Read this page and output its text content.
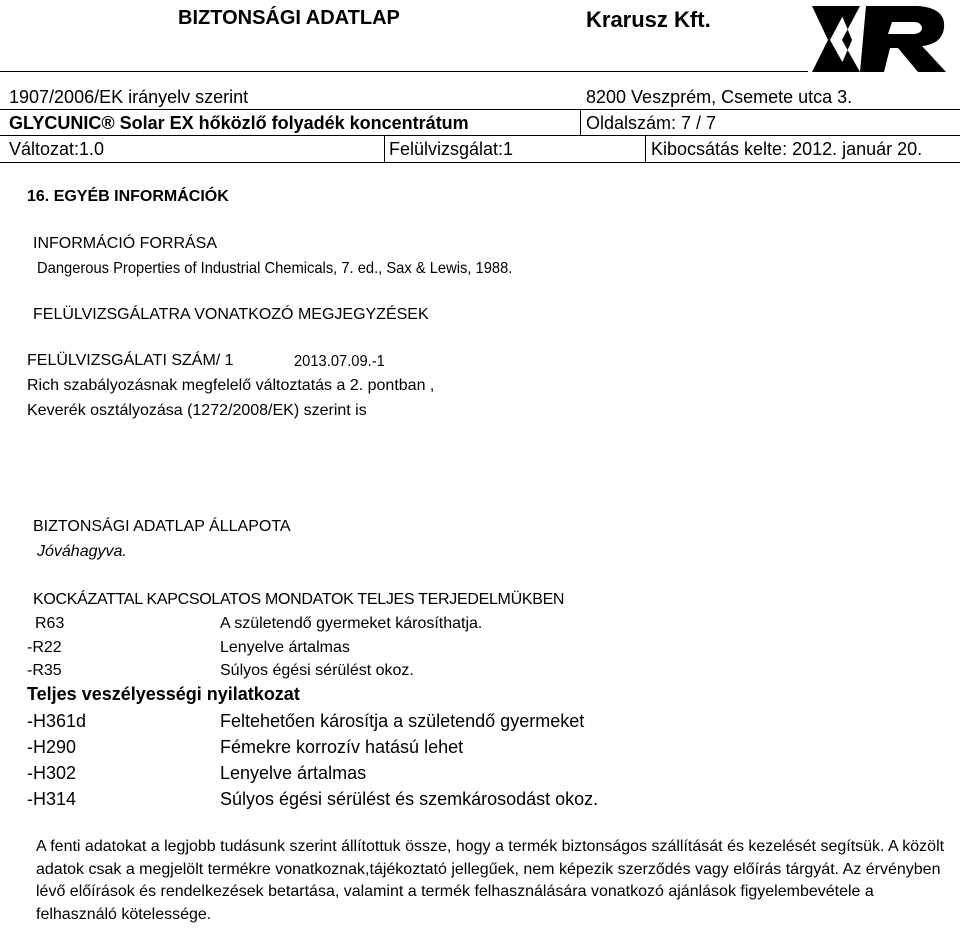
BIZTONSÁGI ADATLAP	Krarusz Kft.
1907/2006/EK irányelv szerint	8200 Veszprém, Csemete utca 3.
GLYCUNIC® Solar EX hőközlő folyadék koncentrátum	Oldalszám: 7 / 7
Változat:1.0	Felülvizsgálat:1	Kibocsátás kelte: 2012. január 20.
16. EGYÉB INFORMÁCIÓK
INFORMÁCIÓ FORRÁSA
Dangerous Properties of Industrial Chemicals, 7. ed., Sax & Lewis, 1988.
FELÜLVIZSGÁLATRA VONATKOZÓ MEGJEGYZÉSEK
FELÜLVIZSGÁLATI SZÁM/ 1	2013.07.09.-1
Rich szabályozásnak megfelelő változtatás a 2. pontban ,
Keverék osztályozása (1272/2008/EK) szerint is
BIZTONSÁGI ADATLAP ÁLLAPOTA
Jóváhagyva.
KOCKÁZATTAL KAPCSOLATOS MONDATOK TELJES TERJEDELMÜKBEN
R63	A születendő gyermeket károsíthatja.
-R22	Lenyelve ártalmas
-R35	Súlyos égési sérülést okoz.
Teljes veszélyességi nyilatkozat
-H361d	Feltehetően károsítja a születendő gyermeket
-H290	Fémekre korrozív hatású lehet
-H302	Lenyelve ártalmas
-H314	Súlyos égési sérülést és szemkárosodást okoz.
A fenti adatokat a legjobb tudásunk szerint állítottuk össze, hogy a termék biztonságos szállítását és kezelését segítsük. A közölt adatok csak a megjelölt termékre vonatkoznak,tájékoztató jellegűek, nem képezik szerződés vagy előírás tárgyát. Az érvényben lévő előírások és rendelkezések betartása, valamint a termék felhasználására vonatkozó ajánlások figyelembevétele a felhasználó kötelessége.
